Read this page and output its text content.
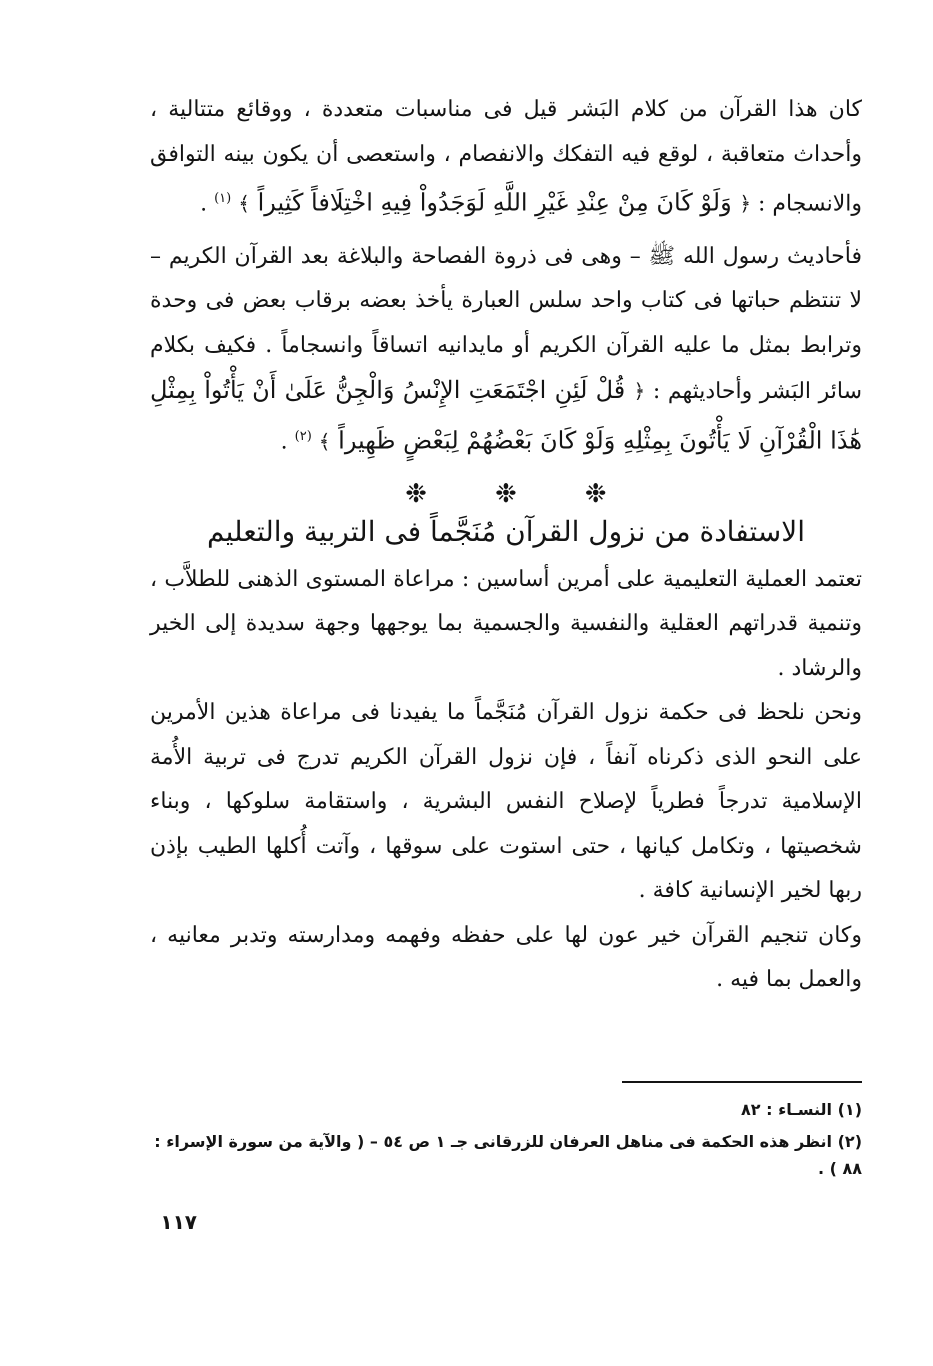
كان هذا القرآن من كلام البَشر قيل فى مناسبات متعددة ، ووقائع متتالية ، وأحداث متعاقبة ، لوقع فيه التفكك والانفصام ، واستعصى أن يكون بينه التوافق والانسجام : ﴿ وَلَوْ كَانَ مِنْ عِنْدِ غَيْرِ اللَّهِ لَوَجَدُواْ فِيهِ اخْتِلَافاً كَثِيراً ﴾ $^{(١)}$ .

فأحاديث رسول الله ﷺ – وهى فى ذروة الفصاحة والبلاغة بعد القرآن الكريم – لا تنتظم حباتها فى كتاب واحد سلس العبارة يأخذ بعضه برقاب بعض فى وحدة وترابط بمثل ما عليه القرآن الكريم أو مايدانيه اتساقاً وانسجاماً . فكيف بكلام سائر البَشر وأحاديثهم : ﴿ قُلْ لَئِنِ اجْتَمَعَتِ الإِنْسُ وَالْجِنُّ عَلَىٰ أَنْ يَأْتُواْ بِمِثْلِ هَٰذَا الْقُرْآنِ لَا يَأْتُونَ بِمِثْلِهِ وَلَوْ كَانَ بَعْضُهُمْ لِبَعْضٍ ظَهِيراً ﴾ $^{(٢)}$ .

❉❉❉
الاستفادة من نزول القرآن مُنَجَّماً فى التربية والتعليم

تعتمد العملية التعليمية على أمرين أساسين : مراعاة المستوى الذهنى للطلاَّب ، وتنمية قدراتهم العقلية والنفسية والجسمية بما يوجهها وجهة سديدة إلى الخير والرشاد .

ونحن نلحظ فى حكمة نزول القرآن مُنَجَّماً ما يفيدنا فى مراعاة هذين الأمرين على النحو الذى ذكرناه آنفاً ، فإن نزول القرآن الكريم تدرج فى تربية الأُمة الإسلامية تدرجاً فطرياً لإصلاح النفس البشرية ، واستقامة سلوكها ، وبناء شخصيتها ، وتكامل كيانها ، حتى استوت على سوقها ، وآتت أُكلها الطيب بإذن ربها لخير الإنسانية كافة .

وكان تنجيم القرآن خير عون لها على حفظه وفهمه ومدارسته وتدبر معانيه ، والعمل بما فيه .

(١) النسـاء : ٨٢
(٢) انظر هذه الحكمة فى مناهل العرفان للزرقانى جـ ١ ص ٥٤ – ( والآية من سورة الإسراء : ٨٨ ) .
١١٧
